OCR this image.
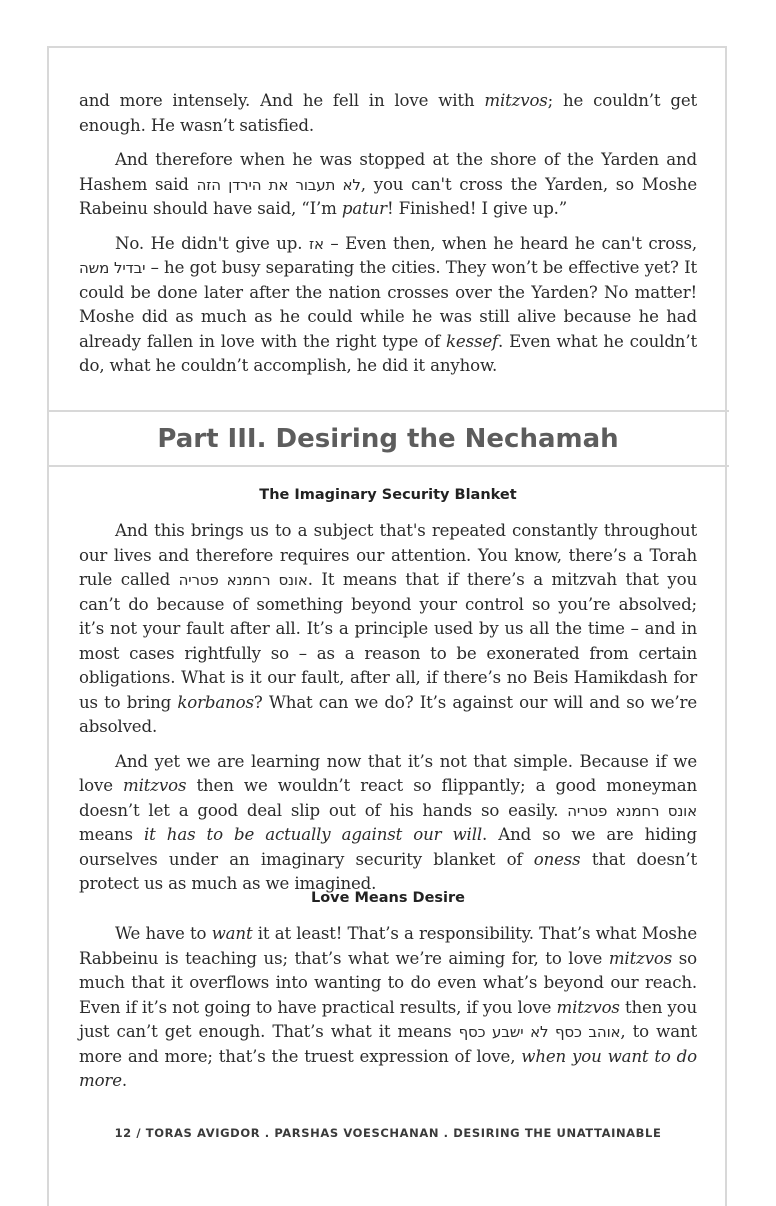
and more intensely. And he fell in love with mitzvos; he couldn’t get enough. He wasn’t satisfied.

And therefore when he was stopped at the shore of the Yarden and Hashem said לא תעבור את הירדן הזה, you can't cross the Yarden, so Moshe Rabeinu should have said, “I’m patur! Finished! I give up.”

No. He didn't give up. אז – Even then, when he heard he can't cross, יבדיל משה – he got busy separating the cities. They won’t be effective yet? It could be done later after the nation crosses over the Yarden? No matter! Moshe did as much as he could while he was still alive because he had already fallen in love with the right type of kessef. Even what he couldn’t do, what he couldn’t accomplish, he did it anyhow.

Part III. Desiring the Nechamah
The Imaginary Security Blanket

And this brings us to a subject that's repeated constantly throughout our lives and therefore requires our attention. You know, there’s a Torah rule called אונס רחמנא פטריה. It means that if there’s a mitzvah that you can’t do because of something beyond your control so you’re absolved; it’s not your fault after all. It’s a principle used by us all the time – and in most cases rightfully so – as a reason to be exonerated from certain obligations. What is it our fault, after all, if there’s no Beis Hamikdash for us to bring korbanos? What can we do? It’s against our will and so we’re absolved.

And yet we are learning now that it’s not that simple. Because if we love mitzvos then we wouldn’t react so flippantly; a good moneyman doesn’t let a good deal slip out of his hands so easily. אונס רחמנא פטריה means it has to be actually against our will. And so we are hiding ourselves under an imaginary security blanket of oness that doesn’t protect us as much as we imagined.

Love Means Desire

We have to want it at least! That’s a responsibility. That’s what Moshe Rabbeinu is teaching us; that’s what we’re aiming for, to love mitzvos so much that it overflows into wanting to do even what’s beyond our reach. Even if it’s not going to have practical results, if you love mitzvos then you just can’t get enough. That’s what it means אוהב כסף לא ישבע כסף, to want more and more; that’s the truest expression of love, when you want to do more.

12 / TORAS AVIGDOR . PARSHAS VOESCHANAN . DESIRING THE UNATTAINABLE
